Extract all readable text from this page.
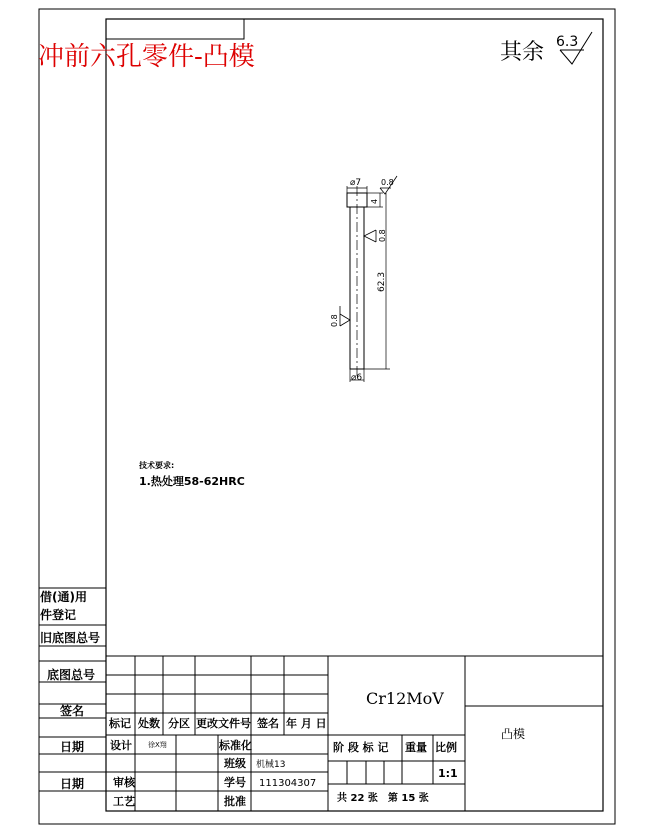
冲前六孔零件-凸模	其余 6.3
⌀7
4
62.3
⌀6
0.8
0.8
0.8
技术要求:
1.热处理58-62HRC
借(通)用
件登记
旧底图总号
底图总号
签名
日期
日期
Cr12MoV
凸模
标记 处数 分区 更改文件号 签名 年 月 日
设计 徐X翔	标准化
班级 机械13
审核	学号 111304307
工艺	批准
阶 段 标 记 重量 比例
1:1
共 22 张　第 15 张
